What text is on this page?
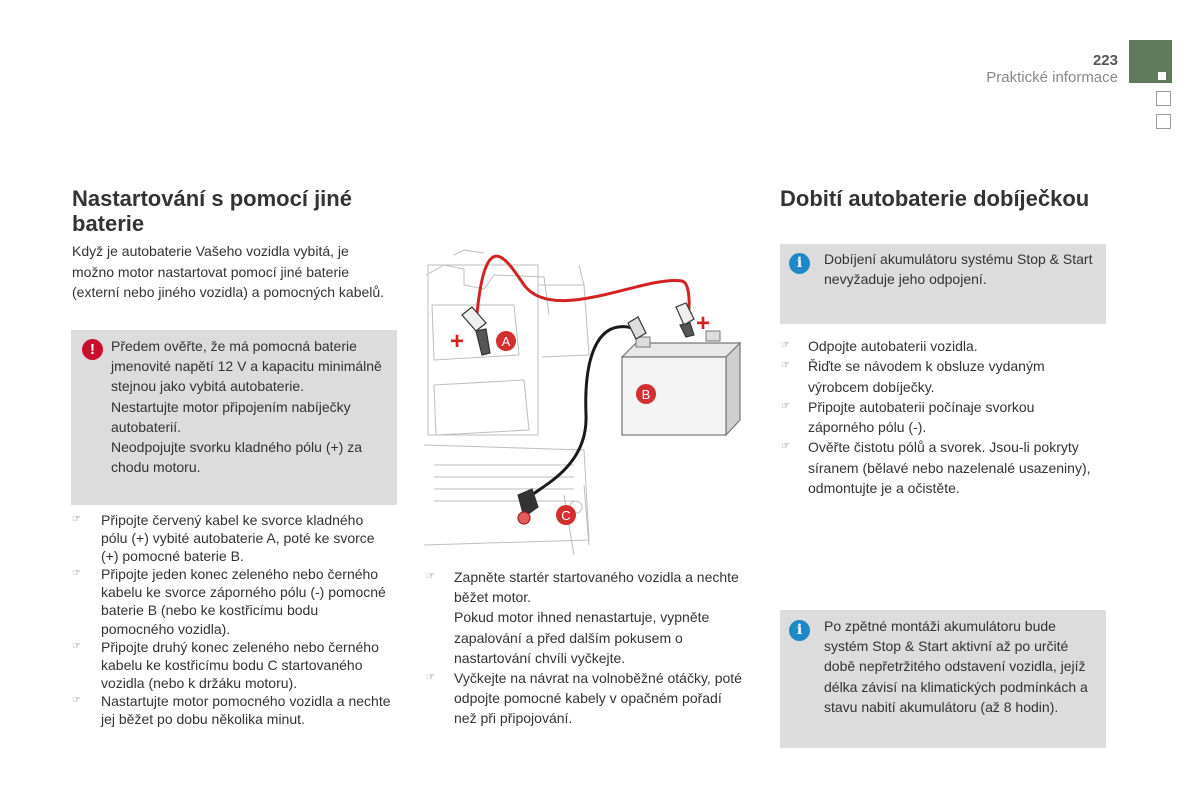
223
Praktické informace
Nastartování s pomocí jiné baterie

Když je autobaterie Vašeho vozidla vybitá, je možno motor nastartovat pomocí jiné baterie (externí nebo jiného vozidla) a pomocných kabelů.

!	Předem ověřte, že má pomocná baterie jmenovité napětí 12 V a kapacitu minimálně stejnou jako vybitá autobaterie.

Nestartujte motor připojením nabíječky autobaterií.

Neodpojujte svorku kladného pólu (+) za chodu motoru.

☞ Připojte červený kabel ke svorce kladného pólu (+) vybité autobaterie A, poté ke svorce (+) pomocné baterie B.
☞ Připojte jeden konec zeleného nebo černého kabelu ke svorce záporného pólu (-) pomocné baterie B (nebo ke kostřicímu bodu pomocného vozidla).
☞ Připojte druhý konec zeleného nebo černého kabelu ke kostřicímu bodu C startovaného vozidla (nebo k držáku motoru).
☞ Nastartujte motor pomocného vozidla a nechte jej běžet po dobu několika minut.
+
+
A
B
C
☞ Zapněte startér startovaného vozidla a nechte běžet motor.
Pokud motor ihned nenastartuje, vypněte zapalování a před dalším pokusem o nastartování chvíli vyčkejte.
☞ Vyčkejte na návrat na volnoběžné otáčky, poté odpojte pomocné kabely v opačném pořadí než při připojování.
Dobití autobaterie dobíječkou
i	Dobíjení akumulátoru systému Stop & Start nevyžaduje jeho odpojení.

☞ Odpojte autobaterii vozidla.
☞ Řiďte se návodem k obsluze vydaným výrobcem dobíječky.
☞ Připojte autobaterii počínaje svorkou záporného pólu (-).
☞ Ověřte čistotu pólů a svorek. Jsou-li pokryty síranem (bělavé nebo nazelenalé usazeniny), odmontujte je a očistěte.
i	Po zpětné montáži akumulátoru bude systém Stop & Start aktivní až po určité době nepřetržitého odstavení vozidla, jejíž délka závisí na klimatických podmínkách a stavu nabití akumulátoru (až 8 hodin).
